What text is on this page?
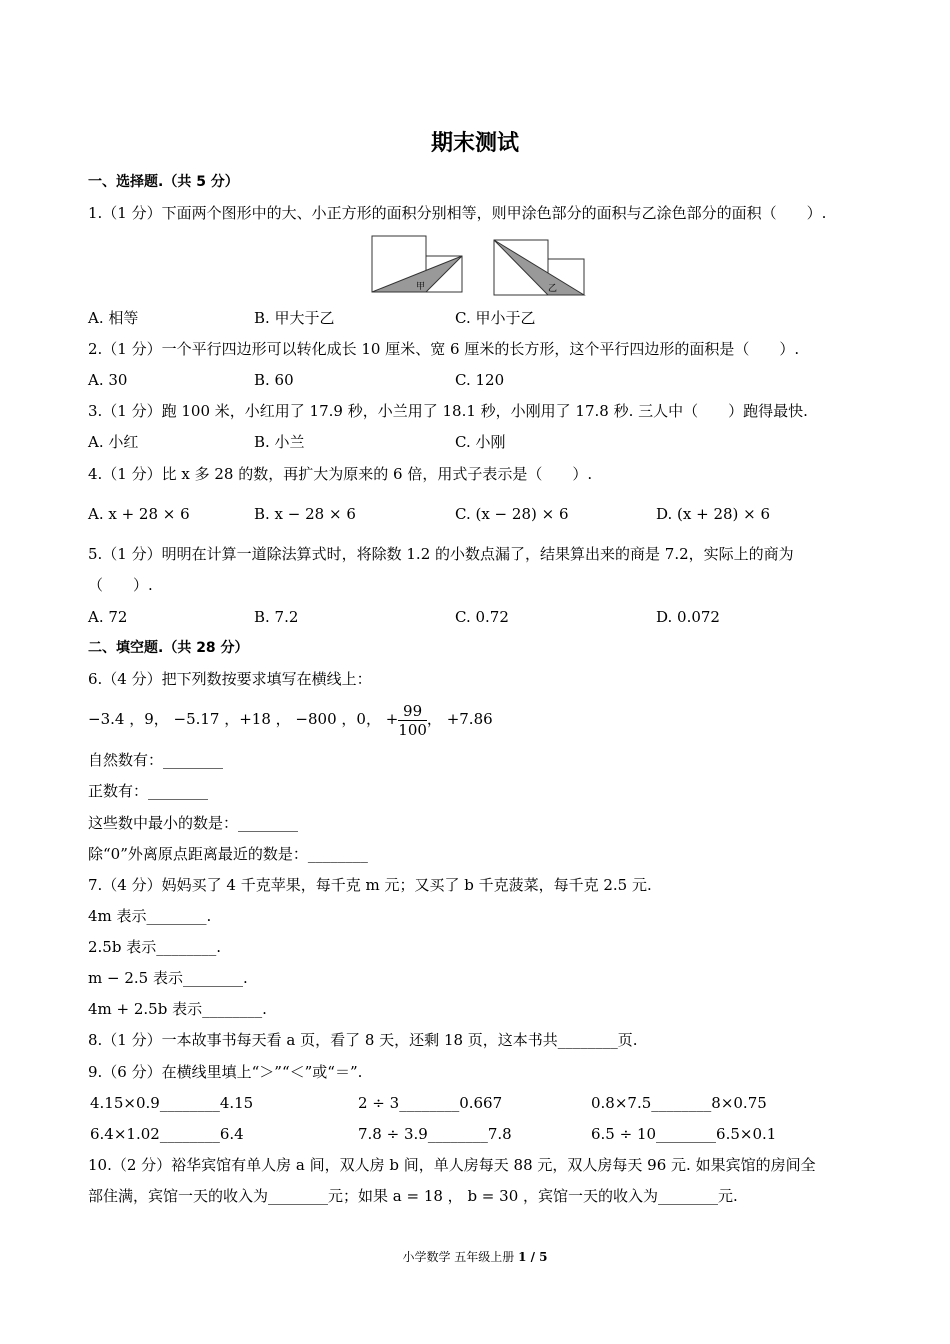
期末测试
一、选择题.（共 5 分）
1.（1 分）下面两个图形中的大、小正方形的面积分别相等，则甲涂色部分的面积与乙涂色部分的面积（　　）.
甲	乙
A. 相等	B. 甲大于乙	C. 甲小于乙
2.（1 分）一个平行四边形可以转化成长 10 厘米、宽 6 厘米的长方形，这个平行四边形的面积是（　　）.
A. 30	B. 60	C. 120
3.（1 分）跑 100 米，小红用了 17.9 秒，小兰用了 18.1 秒，小刚用了 17.8 秒. 三人中（　　）跑得最快.
A. 小红	B. 小兰	C. 小刚
4.（1 分）比 x 多 28 的数，再扩大为原来的 6 倍，用式子表示是（　　）.
A. x + 28 × 6	B. x − 28 × 6	C. (x − 28) × 6	D. (x + 28) × 6
5.（1 分）明明在计算一道除法算式时，将除数 1.2 的小数点漏了，结果算出来的商是 7.2，实际上的商为
（　　）.
A. 72	B. 7.2	C. 0.72	D. 0.072
二、填空题.（共 28 分）
6.（4 分）把下列数按要求填写在横线上：
−3.4 ，9， −5.17 ，+18 ， −800 ，0， + $\frac{99}{100}$ ， +7.86
自然数有：________
正数有：________
这些数中最小的数是：________
除“0”外离原点距离最近的数是：________
7.（4 分）妈妈买了 4 千克苹果，每千克 m 元；又买了 b 千克菠菜，每千克 2.5 元.
4m 表示________.
2.5b 表示________.
m − 2.5 表示________.
4m + 2.5b 表示________.
8.（1 分）一本故事书每天看 a 页，看了 8 天，还剩 18 页，这本书共________页.
9.（6 分）在横线里填上“＞”“＜”或“＝”.
4.15×0.9________4.15	2 ÷ 3________0.667	0.8×7.5________8×0.75
6.4×1.02________6.4	7.8 ÷ 3.9________7.8	6.5 ÷ 10________6.5×0.1
10.（2 分）裕华宾馆有单人房 a 间，双人房 b 间，单人房每天 88 元，双人房每天 96 元. 如果宾馆的房间全
部住满，宾馆一天的收入为________元；如果 a = 18 ， b = 30 ，宾馆一天的收入为________元.
小学数学 五年级上册 1 / 5
